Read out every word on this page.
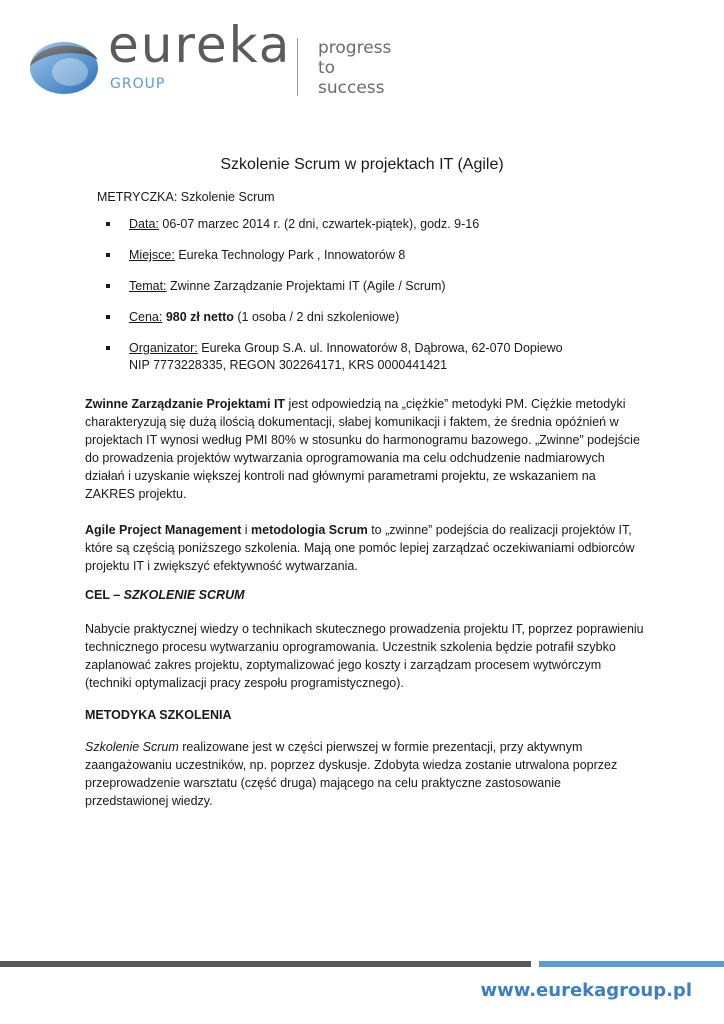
eureka
GROUP
progress
to
success
Szkolenie Scrum w projektach IT (Agile)
METRYCZKA: Szkolenie Scrum
Data: 06-07 marzec 2014 r. (2 dni, czwartek-piątek), godz. 9-16
Miejsce: Eureka Technology Park , Innowatorów 8
Temat: Zwinne Zarządzanie Projektami IT (Agile / Scrum)
Cena: 980 zł netto (1 osoba / 2 dni szkoleniowe)
Organizator: Eureka Group S.A. ul. Innowatorów 8, Dąbrowa, 62-070 Dopiewo
NIP 7773228335, REGON 302264171, KRS 0000441421

Zwinne Zarządzanie Projektami IT jest odpowiedzią na „ciężkie” metodyki PM. Ciężkie metodyki charakteryzują się dużą ilością dokumentacji, słabej komunikacji i faktem, że średnia opóźnień w projektach IT wynosi według PMI 80% w stosunku do harmonogramu bazowego. „Zwinne” podejście do prowadzenia projektów wytwarzania oprogramowania ma celu odchudzenie nadmiarowych działań i uzyskanie większej kontroli nad głównymi parametrami projektu, ze wskazaniem na ZAKRES projektu.

Agile Project Management i metodologia Scrum to „zwinne” podejścia do realizacji projektów IT, które są częścią poniższego szkolenia. Mają one pomóc lepiej zarządzać oczekiwaniami odbiorców projektu IT i zwiększyć efektywność wytwarzania.

CEL – SZKOLENIE SCRUM

Nabycie praktycznej wiedzy o technikach skutecznego prowadzenia projektu IT, poprzez poprawieniu technicznego procesu wytwarzaniu oprogramowania. Uczestnik szkolenia będzie potrafił szybko zaplanować zakres projektu, zoptymalizować jego koszty i zarządzam procesem wytwórczym (techniki optymalizacji pracy zespołu programistycznego).

METODYKA SZKOLENIA

Szkolenie Scrum realizowane jest w części pierwszej w formie prezentacji, przy aktywnym zaangażowaniu uczestników, np. poprzez dyskusje. Zdobyta wiedza zostanie utrwalona poprzez przeprowadzenie warsztatu (część druga) mającego na celu praktyczne zastosowanie przedstawionej wiedzy.

www.eurekagroup.pl
